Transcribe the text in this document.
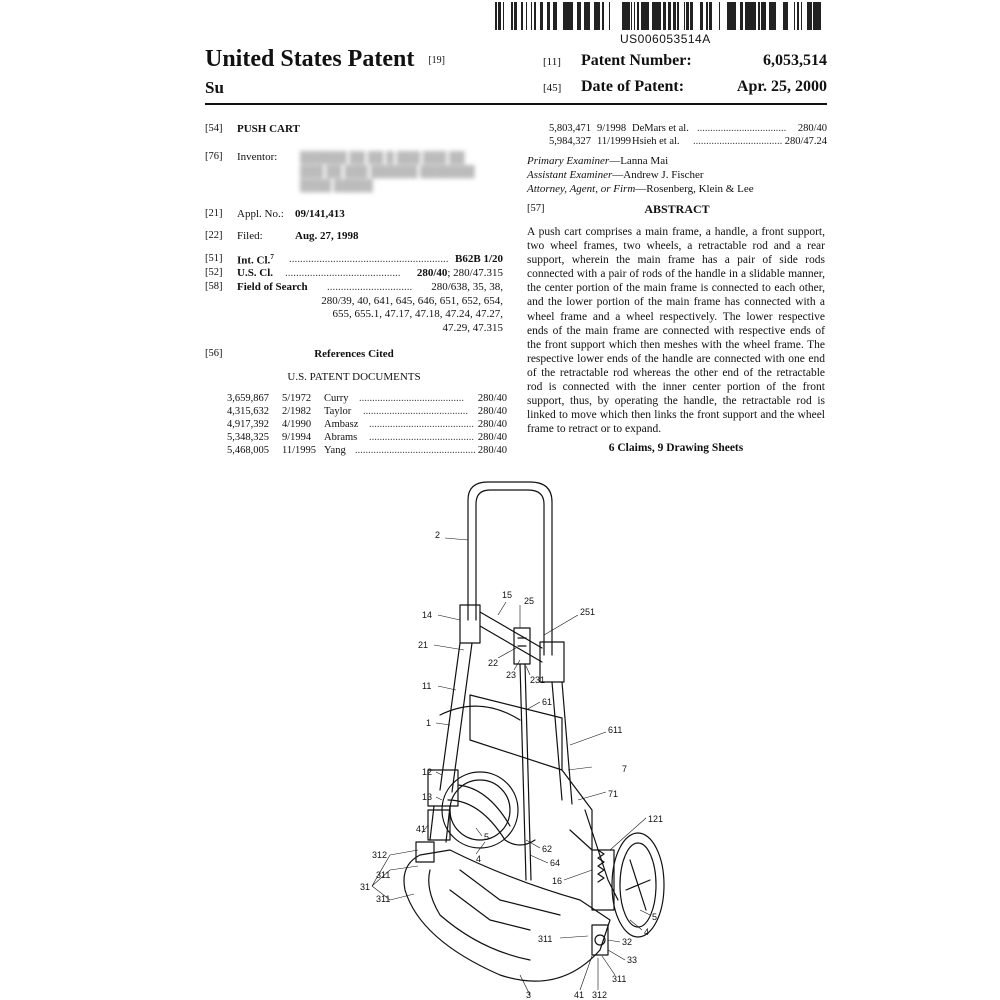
US006053514A
United States Patent [19]
Su
[11] Patent Number:	6,053,514
[45] Date of Patent:	Apr. 25, 2000
[54] PUSH CART
[76] Inventor: ██████ ██ ██ █ ███ ███ ██
███ ██ ███ ██████ ███████
████ █████
[21] Appl. No.: 09/141,413
[22] Filed:	Aug. 27, 1998
[51] Int. Cl.$^7$ .......................................................... B62B 1/20
[52] U.S. Cl. .......................................... 280/40; 280/47.315
[58] Field of Search ...............................	280/638, 35, 38,
280/39, 40, 641, 645, 646, 651, 652, 654,
655, 655.1, 47.17, 47.18, 47.24, 47.27,
47.29, 47.315
[56]	References Cited
U.S. PATENT DOCUMENTS
3,659,867 5/1972 Curry ........................................	280/40
4,315,632 2/1982 Taylor ........................................ 280/40
4,917,392 4/1990 Ambasz ........................................ 280/40
5,348,325 9/1994 Abrams ........................................ 280/40
5,468,005 11/1995 Yang .............................................. 280/40
5,803,471 9/1998 DeMars et al. .................................. 280/40
5,984,327 11/1999 Hsieh et al. .................................. 280/47.24
Primary Examiner—Lanna Mai
Assistant Examiner—Andrew J. Fischer
Attorney, Agent, or Firm—Rosenberg, Klein & Lee
[57]	ABSTRACT
A push cart comprises a main frame, a handle, a front support, two wheel frames, two wheels, a retractable rod and a rear support, wherein the main frame has a pair of side rods connected with a pair of rods of the handle in a slidable manner, the center portion of the main frame is connected to each other, and the lower portion of the main frame has connected with a wheel frame and a wheel respectively. The lower respective ends of the main frame are connected with respective ends of the front support which then meshes with the wheel frame. The respective lower ends of the handle are connected with one end of the retractable rod whereas the other end of the retractable rod is connected with the inner center portion of the front support, thus, by operating the handle, the retractable rod is linked to move which then links the front support and the wheel frame to retract or to expand.
6 Claims, 9 Drawing Sheets
2
15
25
251
14
21
22
23 231
11
61
1
611
7
12
71
13
121
41
5
62
312	4	64
311
16
31
5
4
311	32
33
311
3	41 312
311
